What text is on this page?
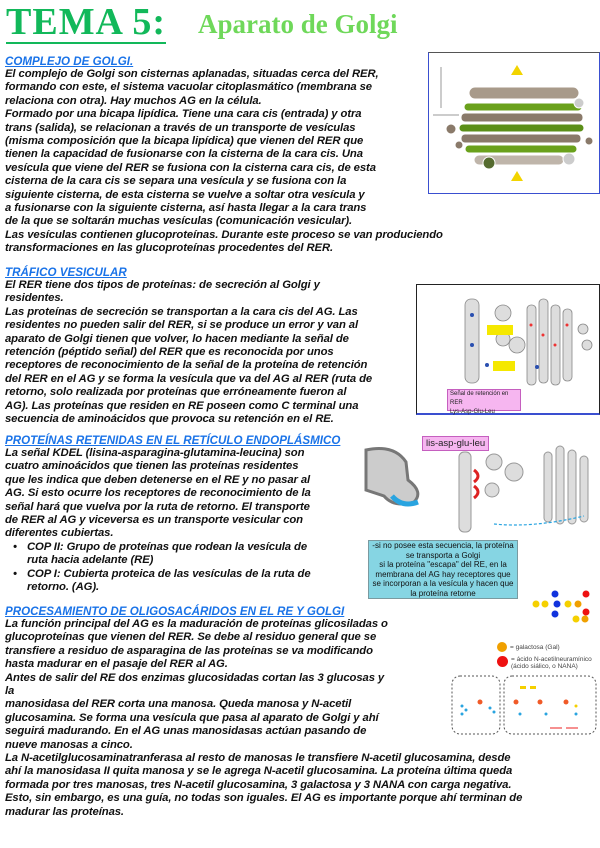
TEMA 5: Aparato de Golgi
COMPLEJO DE GOLGI.
El complejo de Golgi son cisternas aplanadas, situadas cerca del RER,
formando con este, el sistema vacuolar citoplasmático (membrana se
relaciona con otra). Hay muchos AG en la célula.
Formado por una bicapa lipídica. Tiene una cara cis (entrada) y otra
trans (salida), se relacionan a través de un transporte de vesículas
(misma composición que la bicapa lipídica) que vienen del RER que
tienen la capacidad de fusionarse con la cisterna de la cara cis. Una
vesícula que viene del RER se fusiona con la cisterna cara cis, de esta
cisterna de la cara cis se separa una vesícula y se fusiona con la
siguiente cisterna, de esta cisterna se vuelve a soltar otra vesícula y
a fusionarse con la siguiente cisterna, así hasta llegar a la cara trans
de la que se soltarán muchas vesículas (comunicación vesicular).
Las vesículas contienen glucoproteínas. Durante este proceso se van produciendo
transformaciones en las glucoproteínas procedentes del RER.
TRÁFICO VESICULAR
El RER tiene dos tipos de proteínas: de secreción al Golgi y
residentes.
Las proteínas de secreción se transportan a la cara cis del AG. Las
residentes no pueden salir del RER, si se produce un error y van al
aparato de Golgi tienen que volver, lo hacen mediante la señal de
retención (péptido señal) del RER que es reconocida por unos
receptores de reconocimiento de la señal de la proteína de retención
del RER en el AG y se forma la vesícula que va del AG al RER (ruta de
retorno, solo realizada por proteínas que erróneamente fueron al
AG). Las proteínas que residen en RE poseen como C terminal una
secuencia de aminoácidos que provoca su retención en el RE.
PROTEÍNAS RETENIDAS EN EL RETÍCULO ENDOPLÁSMICO
La señal KDEL (lisina-asparagina-glutamina-leucina) son
cuatro aminoácidos que tienen las proteínas residentes
que les indica que deben detenerse en el RE y no pasar al
AG. Si esto ocurre los receptores de reconocimiento de la
señal hará que vuelva por la ruta de retorno. El transporte
de RER al AG y viceversa es un transporte vesicular con
diferentes cubiertas.
• COP II: Grupo de proteínas que rodean la vesícula de
ruta hacia adelante (RE)
• COP I: Cubierta proteica de las vesículas de la ruta de
retorno. (AG).
PROCESAMIENTO DE OLIGOSACÁRIDOS EN EL RE Y GOLGI
La función principal del AG es la maduración de proteínas glicosiladas o
glucoproteínas que vienen del RER. Se debe al residuo general que se
transfiere a residuo de asparagina de las proteínas se va modificando
hasta madurar en el pasaje del RER al AG.
Antes de salir del RE dos enzimas glucosidadas cortan las 3 glucosas y
la
manosidasa del RER corta una manosa. Queda manosa y N-acetil
glucosamina. Se forma una vesícula que pasa al aparato de Golgi y ahí
seguirá madurando. En el AG unas manosidasas actúan pasando de
nueve manosas a cinco.
La N-acetilglucosaminatranferasa al resto de manosas le transfiere N-acetil glucosamina, desde
ahí la manosidasa II quita manosa y se le agrega N-acetil glucosamina. La proteína última queda
formada por tres manosas, tres N-acetil glucosamina, 3 galactosa y 3 NANA con carga negativa.
Esto, sin embargo, es una guía, no todas son iguales. El AG es importante porque ahí terminan de
madurar las proteínas.
Señal de retención en RER
Lys-Asp-Glu-Leu
lis-asp-glu-leu
-si no posee esta secuencia, la proteína
se transporta a Golgi
si la proteína "escapa" del RE, en la
membrana del AG hay receptores que
se incorporan a la vesícula y hacen que
la proteína retorne
= galactosa (Gal)
= ácido N-acetilneuramínico
(ácido siálico, o NANA)
